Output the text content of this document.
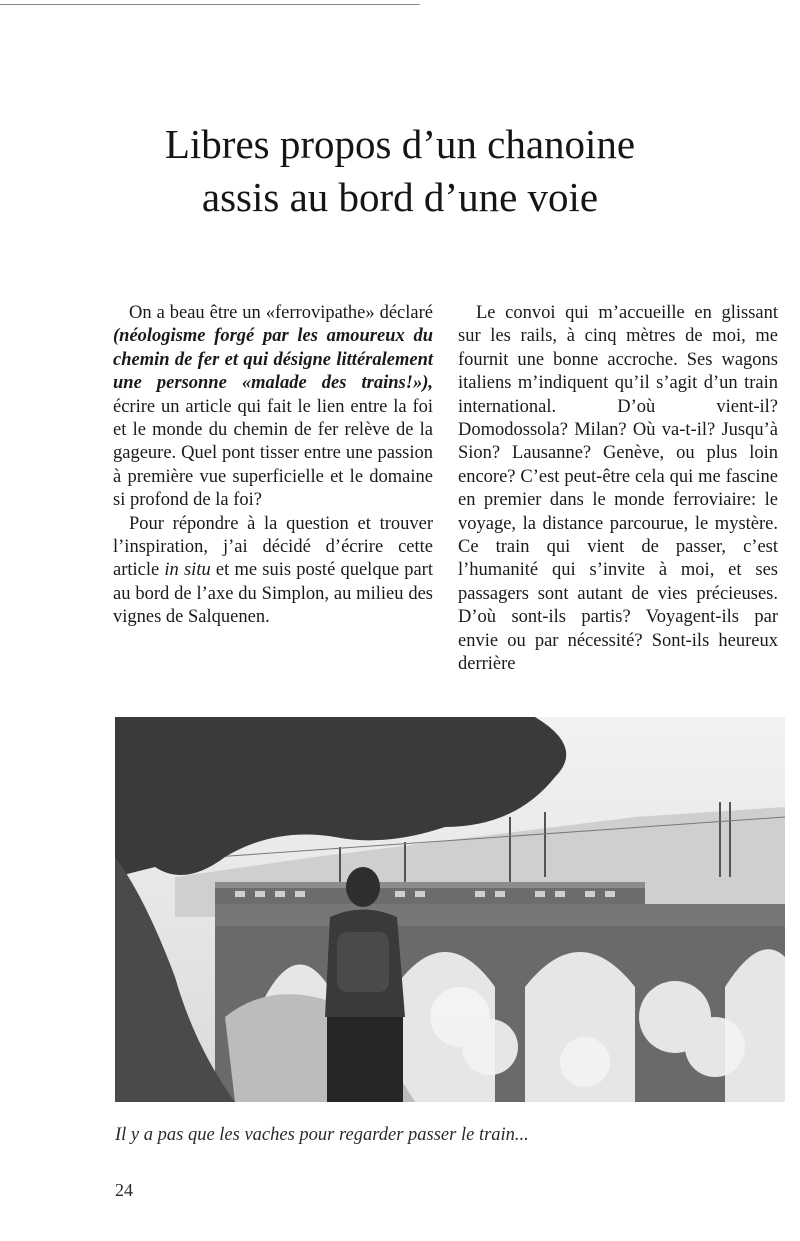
Libres propos d’un chanoine
assis au bord d’une voie

On a beau être un «ferrovipathe» déclaré (néologisme forgé par les amoureux du chemin de fer et qui désigne littéralement une personne «malade des trains!»), écrire un article qui fait le lien entre la foi et le monde du chemin de fer relève de la gageure. Quel pont tisser entre une passion à première vue superficielle et le domaine si profond de la foi?

Pour répondre à la question et trouver l’inspiration, j’ai décidé d’écrire cette article in situ et me suis posté quelque part au bord de l’axe du Simplon, au milieu des vignes de Salquenen.

Le convoi qui m’accueille en glissant sur les rails, à cinq mètres de moi, me fournit une bonne accroche. Ses wagons italiens m’indiquent qu’il s’agit d’un train international. D’où vient-il? Domodossola? Milan? Où va-t-il? Jusqu’à Sion? Lausanne? Genève, ou plus loin encore? C’est peut-être cela qui me fascine en premier dans le monde ferroviaire: le voyage, la distance parcourue, le mystère. Ce train qui vient de passer, c’est l’humanité qui s’invite à moi, et ses passagers sont autant de vies précieuses. D’où sont-ils partis? Voyagent-ils par envie ou par nécessité? Sont-ils heureux derrière

Il y a pas que les vaches pour regarder passer le train...
24
